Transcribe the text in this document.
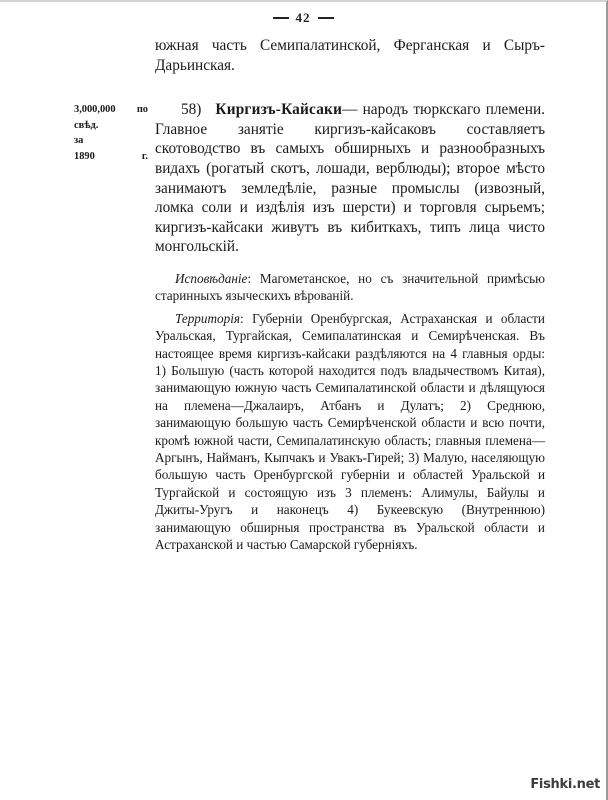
42
3,000,000 по
свѣд.
за
1890 г.

южная часть Семипалатинской, Ферганская и Сыръ-Дарьинская.

58) Киргизъ-Кайсаки— народъ тюркскаго племени. Главное занятіе киргизъ-кайсаковъ составляетъ скотоводство въ самыхъ обширныхъ и разнообразныхъ видахъ (рогатый скотъ, лошади, верблюды); второе мѣсто занимаютъ земледѣліе, разные промыслы (извозный, ломка соли и издѣлія изъ шерсти) и торговля сырьемъ; киргизъ-кайсаки живутъ въ кибиткахъ, типъ лица чисто монгольскій.

Исповѣданіе: Магометанское, но съ значительной примѣсью старинныхъ языческихъ вѣрованій.

Территорія: Губерніи Оренбургская, Астраханская и области Уральская, Тургайская, Семипалатинская и Семирѣченская. Въ настоящее время киргизъ-кайсаки раздѣляются на 4 главныя орды: 1) Большую (часть которой находится подъ владычествомъ Китая), занимающую южную часть Семипалатинской области и дѣлящуюся на племена—Джалаиръ, Атбанъ и Дулатъ; 2) Среднюю, занимающую большую часть Семирѣченской области и всю почти, кромѣ южной части, Семипалатинскую область; главныя племена—Аргынъ, Найманъ, Кыпчакъ и Увакъ-Гирей; 3) Малую, населяющую большую часть Оренбургской губерніи и областей Уральской и Тургайской и состоящую изъ 3 племенъ: Алимулы, Байулы и Джиты-Уругъ и наконецъ 4) Букеевскую (Внутреннюю) занимающую обширныя пространства въ Уральской области и Астраханской и частью Самарской губерніяхъ.

Fishki.net
